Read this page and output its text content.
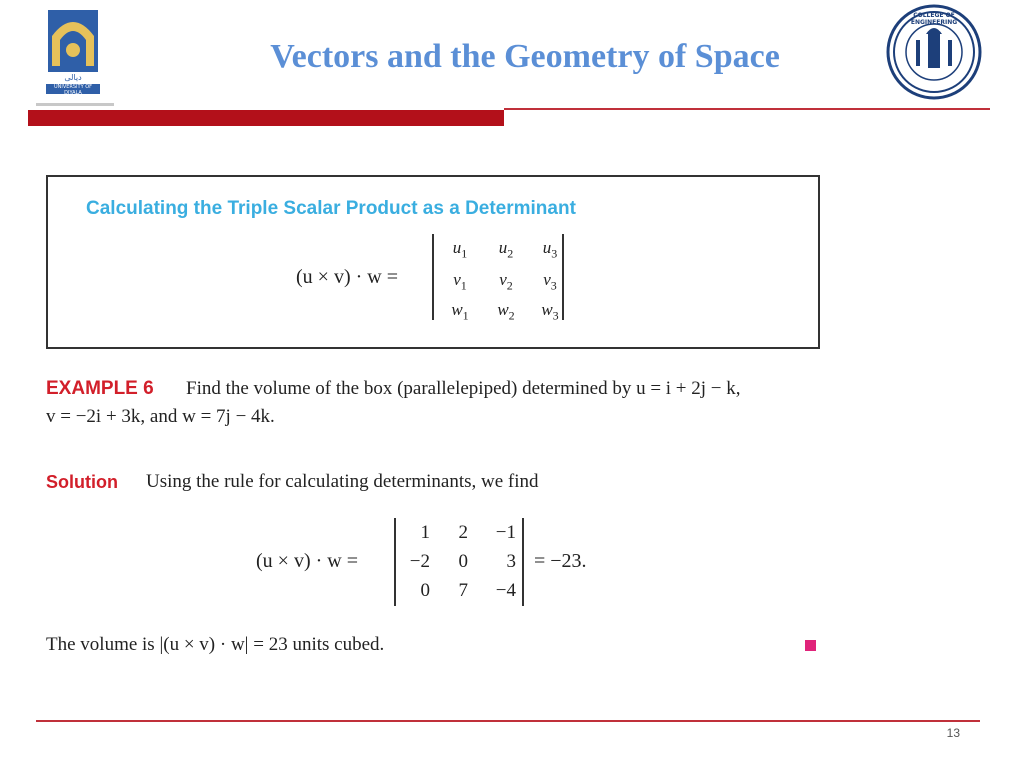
ديالى
UNIVERSITY OF DIYALA
Vectors and the Geometry of Space
COLLEGE OF ENGINEERING
Calculating the Triple Scalar Product as a Determinant
(u × v) · w =
$u_1$	$u_2$	$u_3$
$v_1$	$v_2$	$v_3$
$w_1$	$w_2$	$w_3$
EXAMPLE 6 Find the volume of the box (parallelepiped) determined by u = i + 2j − k,
v = −2i + 3k, and w = 7j − 4k.
Solution Using the rule for calculating determinants, we find
(u × v) · w =
1	2	−1
−2	0	3
0	7	−4
= −23.
The volume is |(u × v) · w| = 23 units cubed.
13
